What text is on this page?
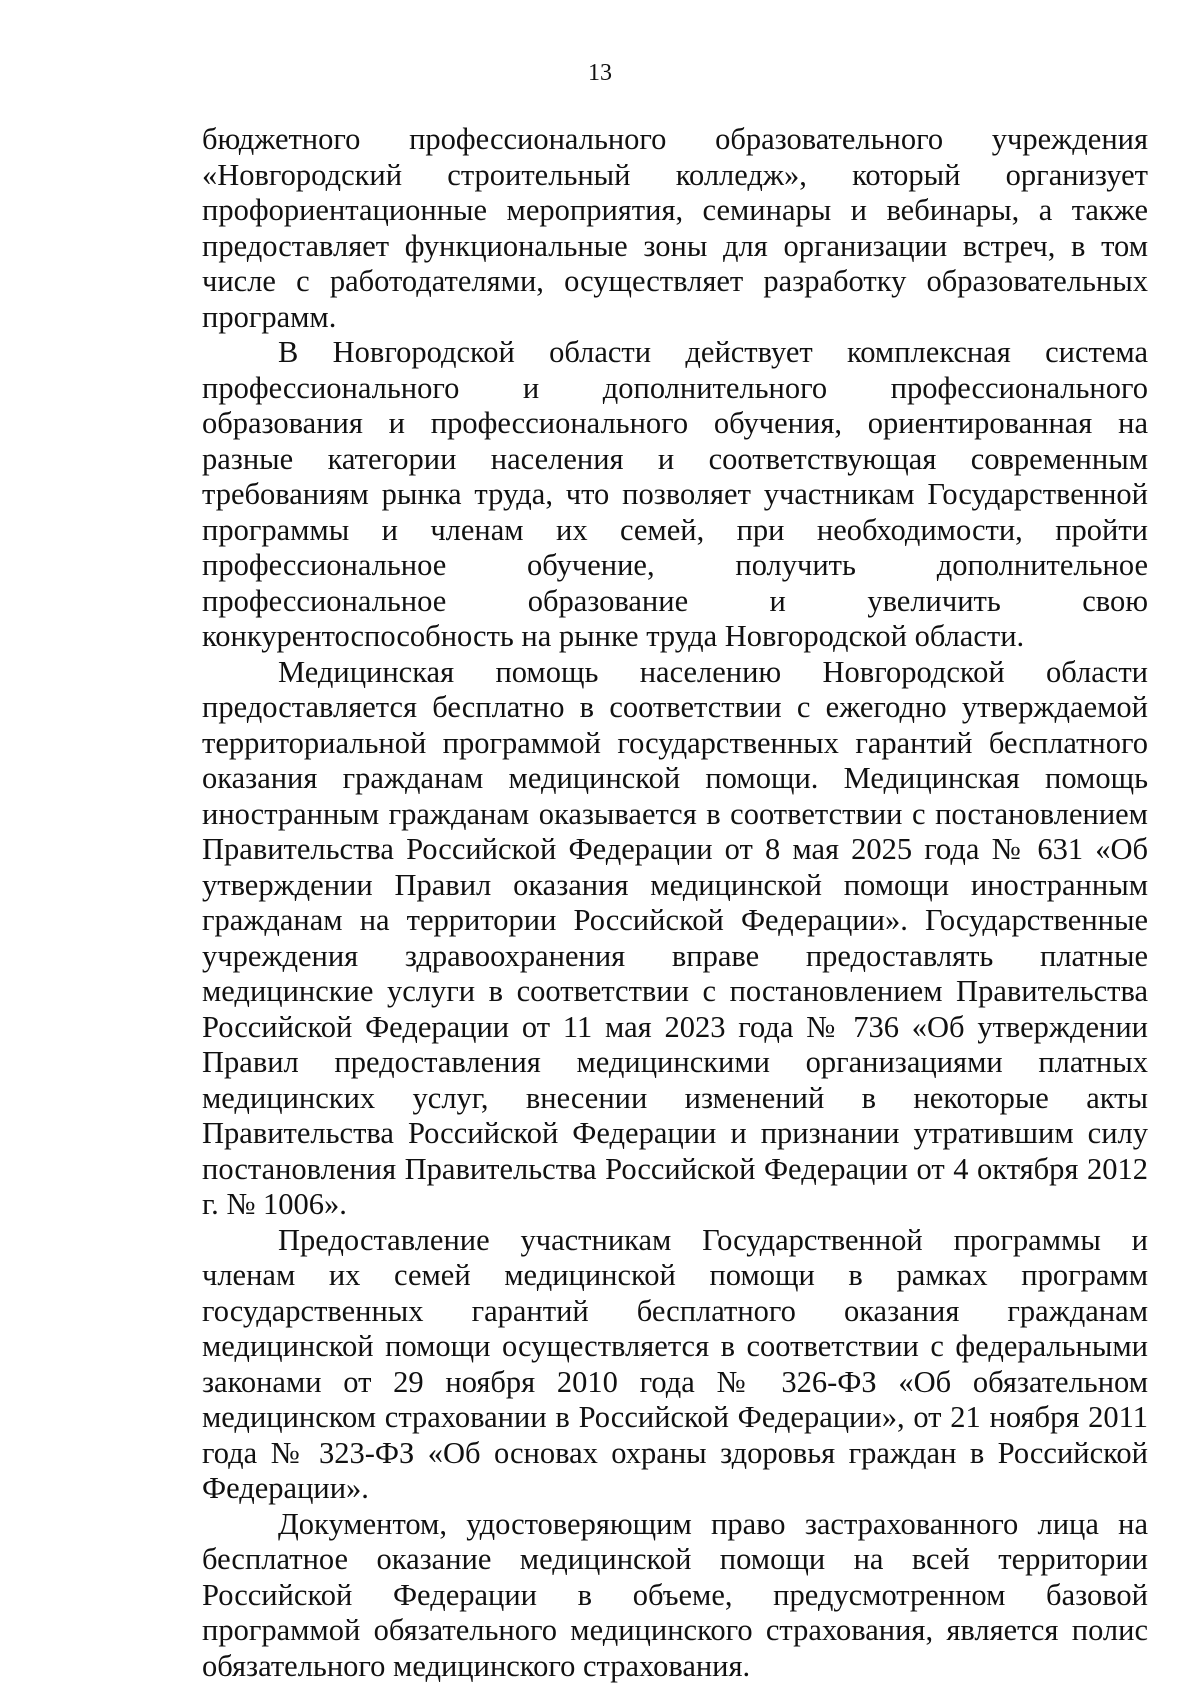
13

бюджетного профессионального образовательного учреждения «Новгородский строительный колледж», который организует профориентационные мероприятия, семинары и вебинары, а также предоставляет функциональные зоны для организации встреч, в том числе с работодателями, осуществляет разработку образовательных программ.

В Новгородской области действует комплексная система профессионального и дополнительного профессионального образования и профессионального обучения, ориентированная на разные категории населения и соответствующая современным требованиям рынка труда, что позволяет участникам Государственной программы и членам их семей, при необходимости, пройти профессиональное обучение, получить дополнительное профессиональное образование и увеличить свою конкурентоспособность на рынке труда Новгородской области.

Медицинская помощь населению Новгородской области предоставляется бесплатно в соответствии с ежегодно утверждаемой территориальной программой государственных гарантий бесплатного оказания гражданам медицинской помощи. Медицинская помощь иностранным гражданам оказывается в соответствии с постановлением Правительства Российской Федерации от 8 мая 2025 года № 631 «Об утверждении Правил оказания медицинской помощи иностранным гражданам на территории Российской Федерации». Государственные учреждения здравоохранения вправе предоставлять платные медицинские услуги в соответствии с постановлением Правительства Российской Федерации от 11 мая 2023 года № 736 «Об утверждении Правил предоставления медицинскими организациями платных медицинских услуг, внесении изменений в некоторые акты Правительства Российской Федерации и признании утратившим силу постановления Правительства Российской Федерации от 4 октября 2012 г. № 1006».

Предоставление участникам Государственной программы и членам их семей медицинской помощи в рамках программ государственных гарантий бесплатного оказания гражданам медицинской помощи осуществляется в соответствии с федеральными законами от 29 ноября 2010 года № 326-ФЗ «Об обязательном медицинском страховании в Российской Федерации», от 21 ноября 2011 года № 323-ФЗ «Об основах охраны здоровья граждан в Российской Федерации».

Документом, удостоверяющим право застрахованного лица на бесплатное оказание медицинской помощи на всей территории Российской Федерации в объеме, предусмотренном базовой программой обязательного медицинского страхования, является полис обязательного медицинского страхования.
